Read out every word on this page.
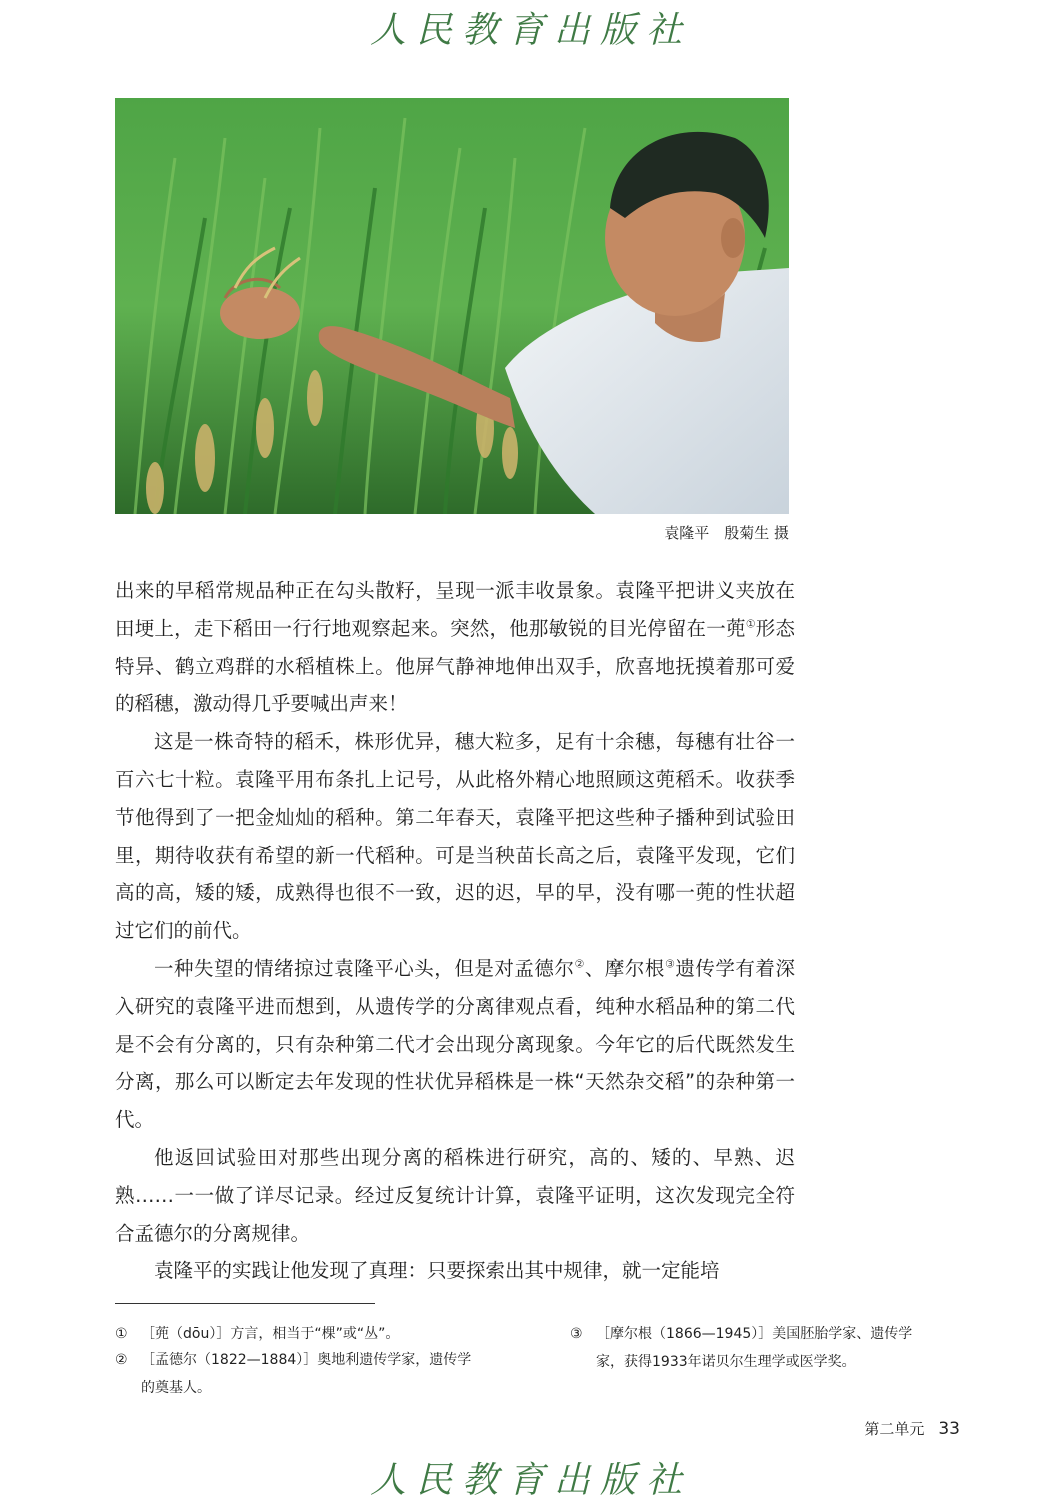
人民教育出版社
袁隆平　殷菊生 摄

出来的早稻常规品种正在勾头散籽，呈现一派丰收景象。袁隆平把讲义夹放在田埂上，走下稻田一行行地观察起来。突然，他那敏锐的目光停留在一蔸①形态特异、鹤立鸡群的水稻植株上。他屏气静神地伸出双手，欣喜地抚摸着那可爱的稻穗，激动得几乎要喊出声来！

这是一株奇特的稻禾，株形优异，穗大粒多，足有十余穗，每穗有壮谷一百六七十粒。袁隆平用布条扎上记号，从此格外精心地照顾这蔸稻禾。收获季节他得到了一把金灿灿的稻种。第二年春天，袁隆平把这些种子播种到试验田里，期待收获有希望的新一代稻种。可是当秧苗长高之后，袁隆平发现，它们高的高，矮的矮，成熟得也很不一致，迟的迟，早的早，没有哪一蔸的性状超过它们的前代。

一种失望的情绪掠过袁隆平心头，但是对孟德尔②、摩尔根③遗传学有着深入研究的袁隆平进而想到，从遗传学的分离律观点看，纯种水稻品种的第二代是不会有分离的，只有杂种第二代才会出现分离现象。今年它的后代既然发生分离，那么可以断定去年发现的性状优异稻株是一株“天然杂交稻”的杂种第一代。

他返回试验田对那些出现分离的稻株进行研究，高的、矮的、早熟、迟熟……一一做了详尽记录。经过反复统计计算，袁隆平证明，这次发现完全符合孟德尔的分离规律。

袁隆平的实践让他发现了真理：只要探索出其中规律，就一定能培

① ［蔸（dōu）］方言，相当于“棵”或“丛”。
② ［孟德尔（1822—1884）］奥地利遗传学家，遗传学
的奠基人。
③ ［摩尔根（1866—1945）］美国胚胎学家、遗传学
家，获得1933年诺贝尔生理学或医学奖。
第二单元 33
人民教育出版社
